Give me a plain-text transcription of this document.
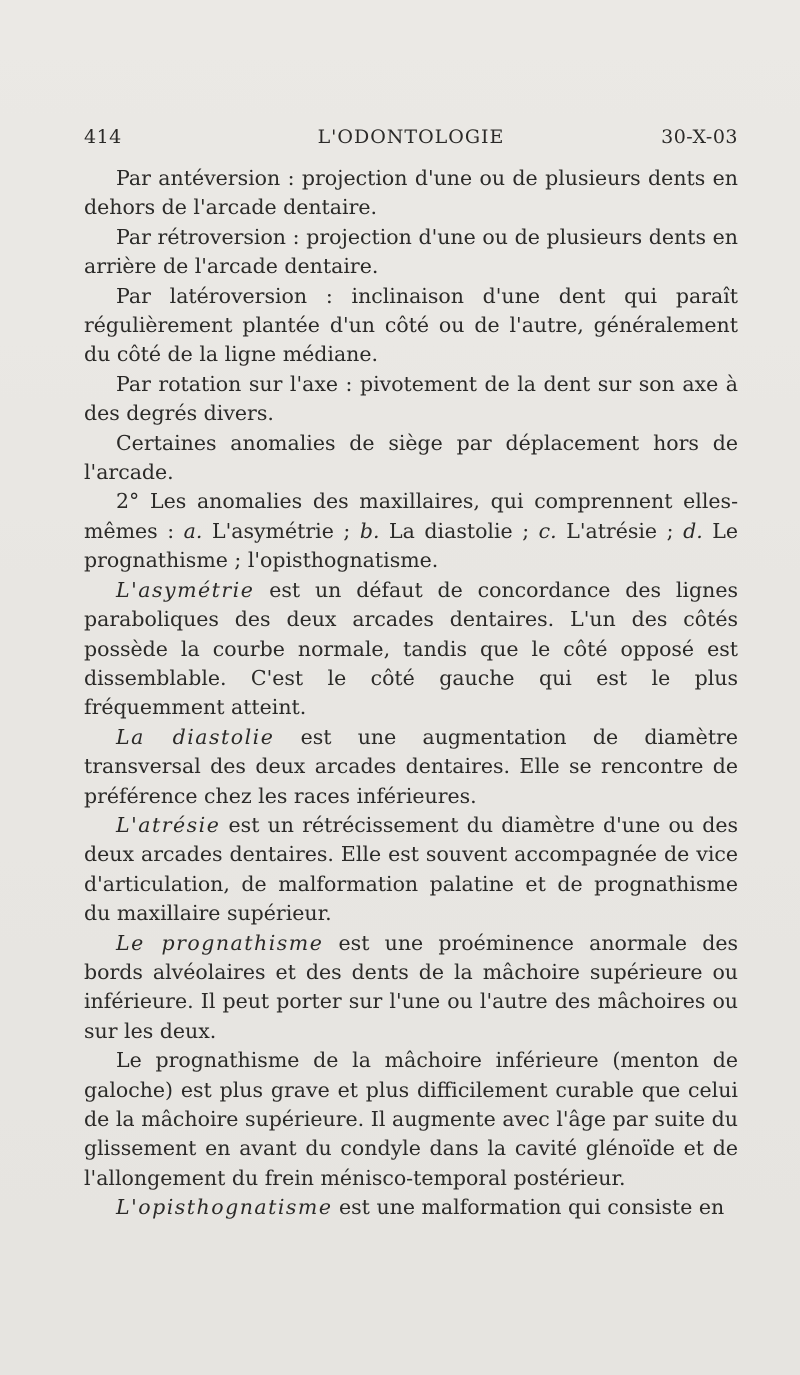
414	L'ODONTOLOGIE	30-X-03

Par antéversion : projection d'une ou de plusieurs dents en dehors de l'arcade dentaire.

Par rétroversion : projection d'une ou de plusieurs dents en arrière de l'arcade dentaire.

Par latéroversion : inclinaison d'une dent qui paraît régulièrement plantée d'un côté ou de l'autre, généralement du côté de la ligne médiane.

Par rotation sur l'axe : pivotement de la dent sur son axe à des degrés divers.

Certaines anomalies de siège par déplacement hors de l'arcade.

2° Les anomalies des maxillaires, qui comprennent elles-mêmes : a. L'asymétrie ; b. La diastolie ; c. L'atrésie ; d. Le prognathisme ; l'opisthognatisme.

L'asymétrie est un défaut de concordance des lignes paraboliques des deux arcades dentaires. L'un des côtés possède la courbe normale, tandis que le côté opposé est dissemblable. C'est le côté gauche qui est le plus fréquemment atteint.

La diastolie est une augmentation de diamètre transversal des deux arcades dentaires. Elle se rencontre de préférence chez les races inférieures.

L'atrésie est un rétrécissement du diamètre d'une ou des deux arcades dentaires. Elle est souvent accompagnée de vice d'articulation, de malformation palatine et de prognathisme du maxillaire supérieur.

Le prognathisme est une proéminence anormale des bords alvéolaires et des dents de la mâchoire supérieure ou inférieure. Il peut porter sur l'une ou l'autre des mâchoires ou sur les deux.

Le prognathisme de la mâchoire inférieure (menton de galoche) est plus grave et plus difficilement curable que celui de la mâchoire supérieure. Il augmente avec l'âge par suite du glissement en avant du condyle dans la cavité glénoïde et de l'allongement du frein ménisco-temporal postérieur.

L'opisthognatisme est une malformation qui consiste en
